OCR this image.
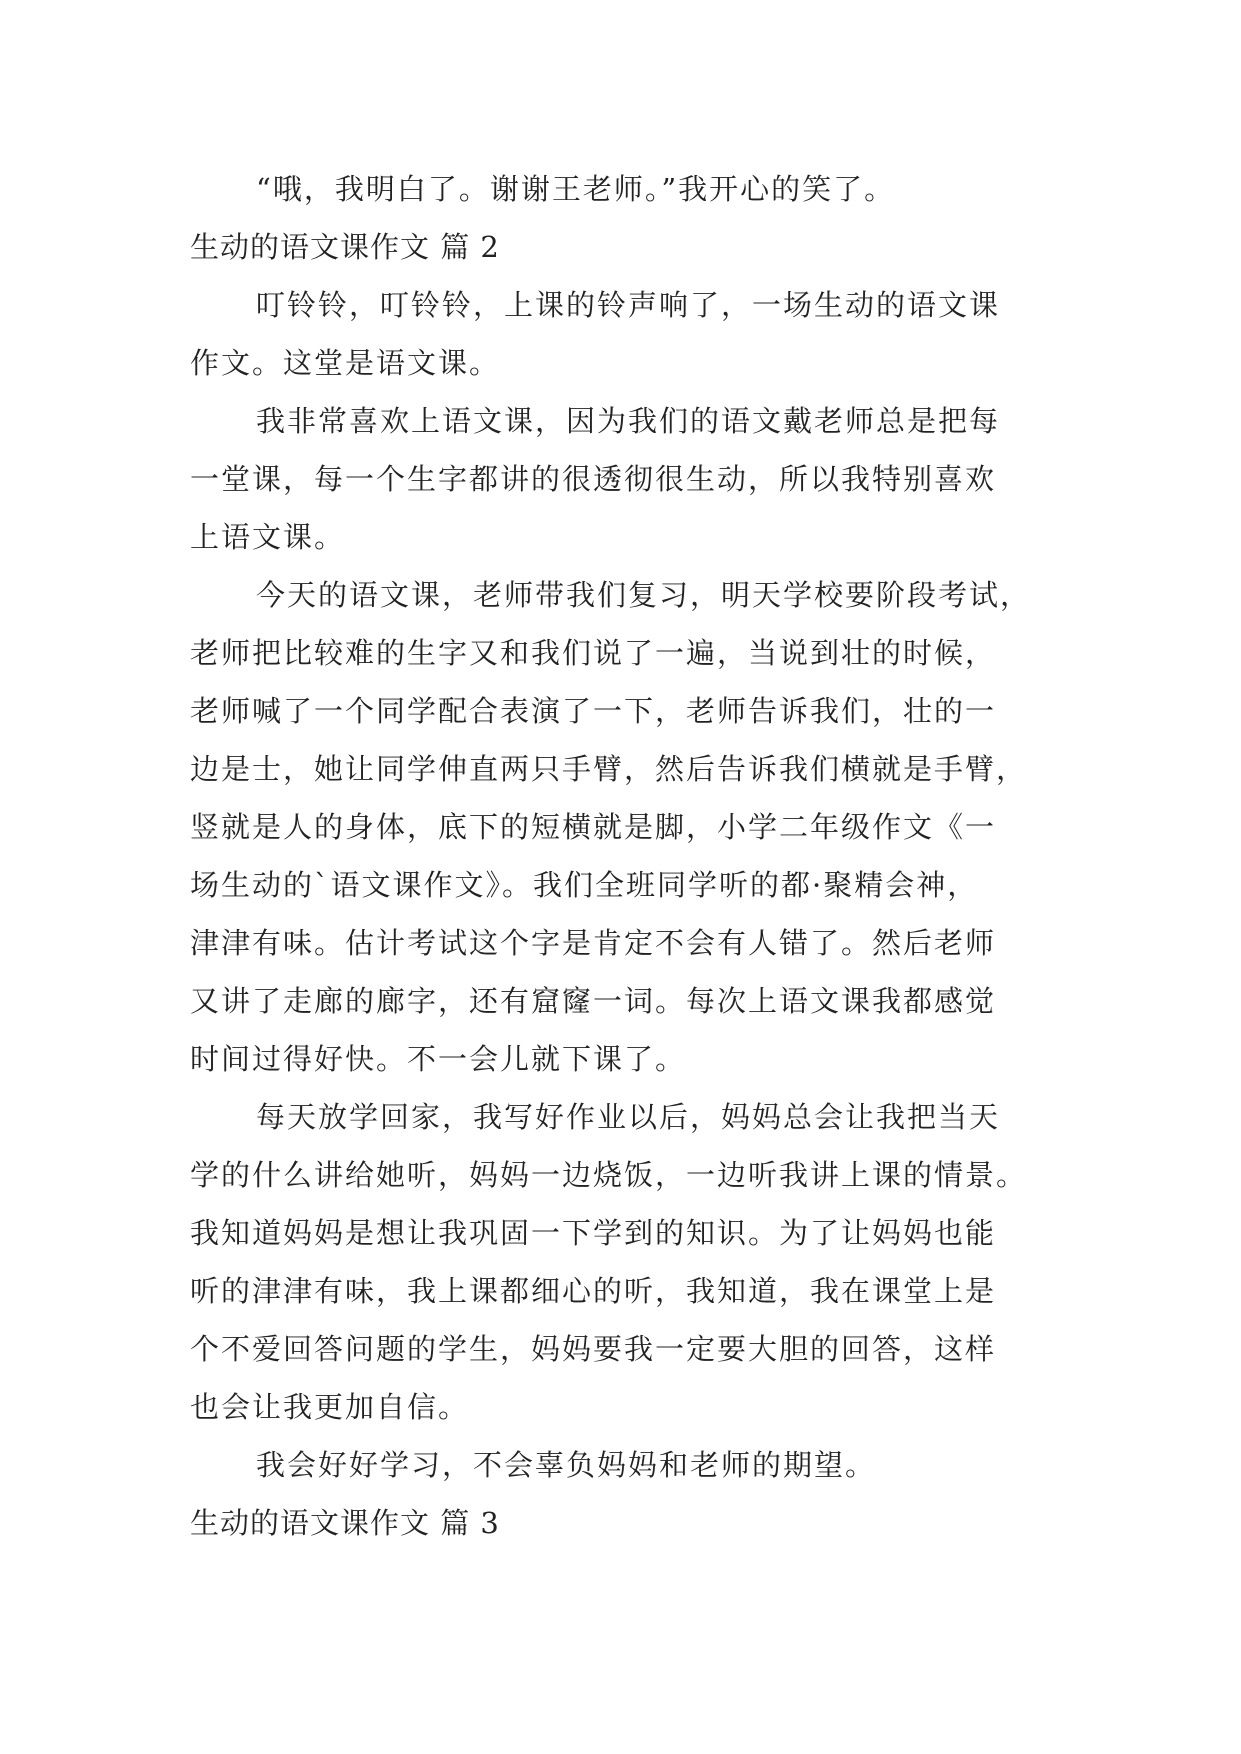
“哦，我明白了。谢谢王老师。”我开心的笑了。
生动的语文课作文 篇 2
叮铃铃，叮铃铃，上课的铃声响了，一场生动的语文课
作文。这堂是语文课。
我非常喜欢上语文课，因为我们的语文戴老师总是把每
一堂课，每一个生字都讲的很透彻很生动，所以我特别喜欢
上语文课。
今天的语文课，老师带我们复习，明天学校要阶段考试，
老师把比较难的生字又和我们说了一遍，当说到壮的时候，
老师喊了一个同学配合表演了一下，老师告诉我们，壮的一
边是士，她让同学伸直两只手臂，然后告诉我们横就是手臂，
竖就是人的身体，底下的短横就是脚，小学二年级作文《一
场生动的`语文课作文》。我们全班同学听的都·聚精会神，
津津有味。估计考试这个字是肯定不会有人错了。然后老师
又讲了走廊的廊字，还有窟窿一词。每次上语文课我都感觉
时间过得好快。不一会儿就下课了。
每天放学回家，我写好作业以后，妈妈总会让我把当天
学的什么讲给她听，妈妈一边烧饭，一边听我讲上课的情景。
我知道妈妈是想让我巩固一下学到的知识。为了让妈妈也能
听的津津有味，我上课都细心的听，我知道，我在课堂上是
个不爱回答问题的学生，妈妈要我一定要大胆的回答，这样
也会让我更加自信。
我会好好学习，不会辜负妈妈和老师的期望。
生动的语文课作文 篇 3
